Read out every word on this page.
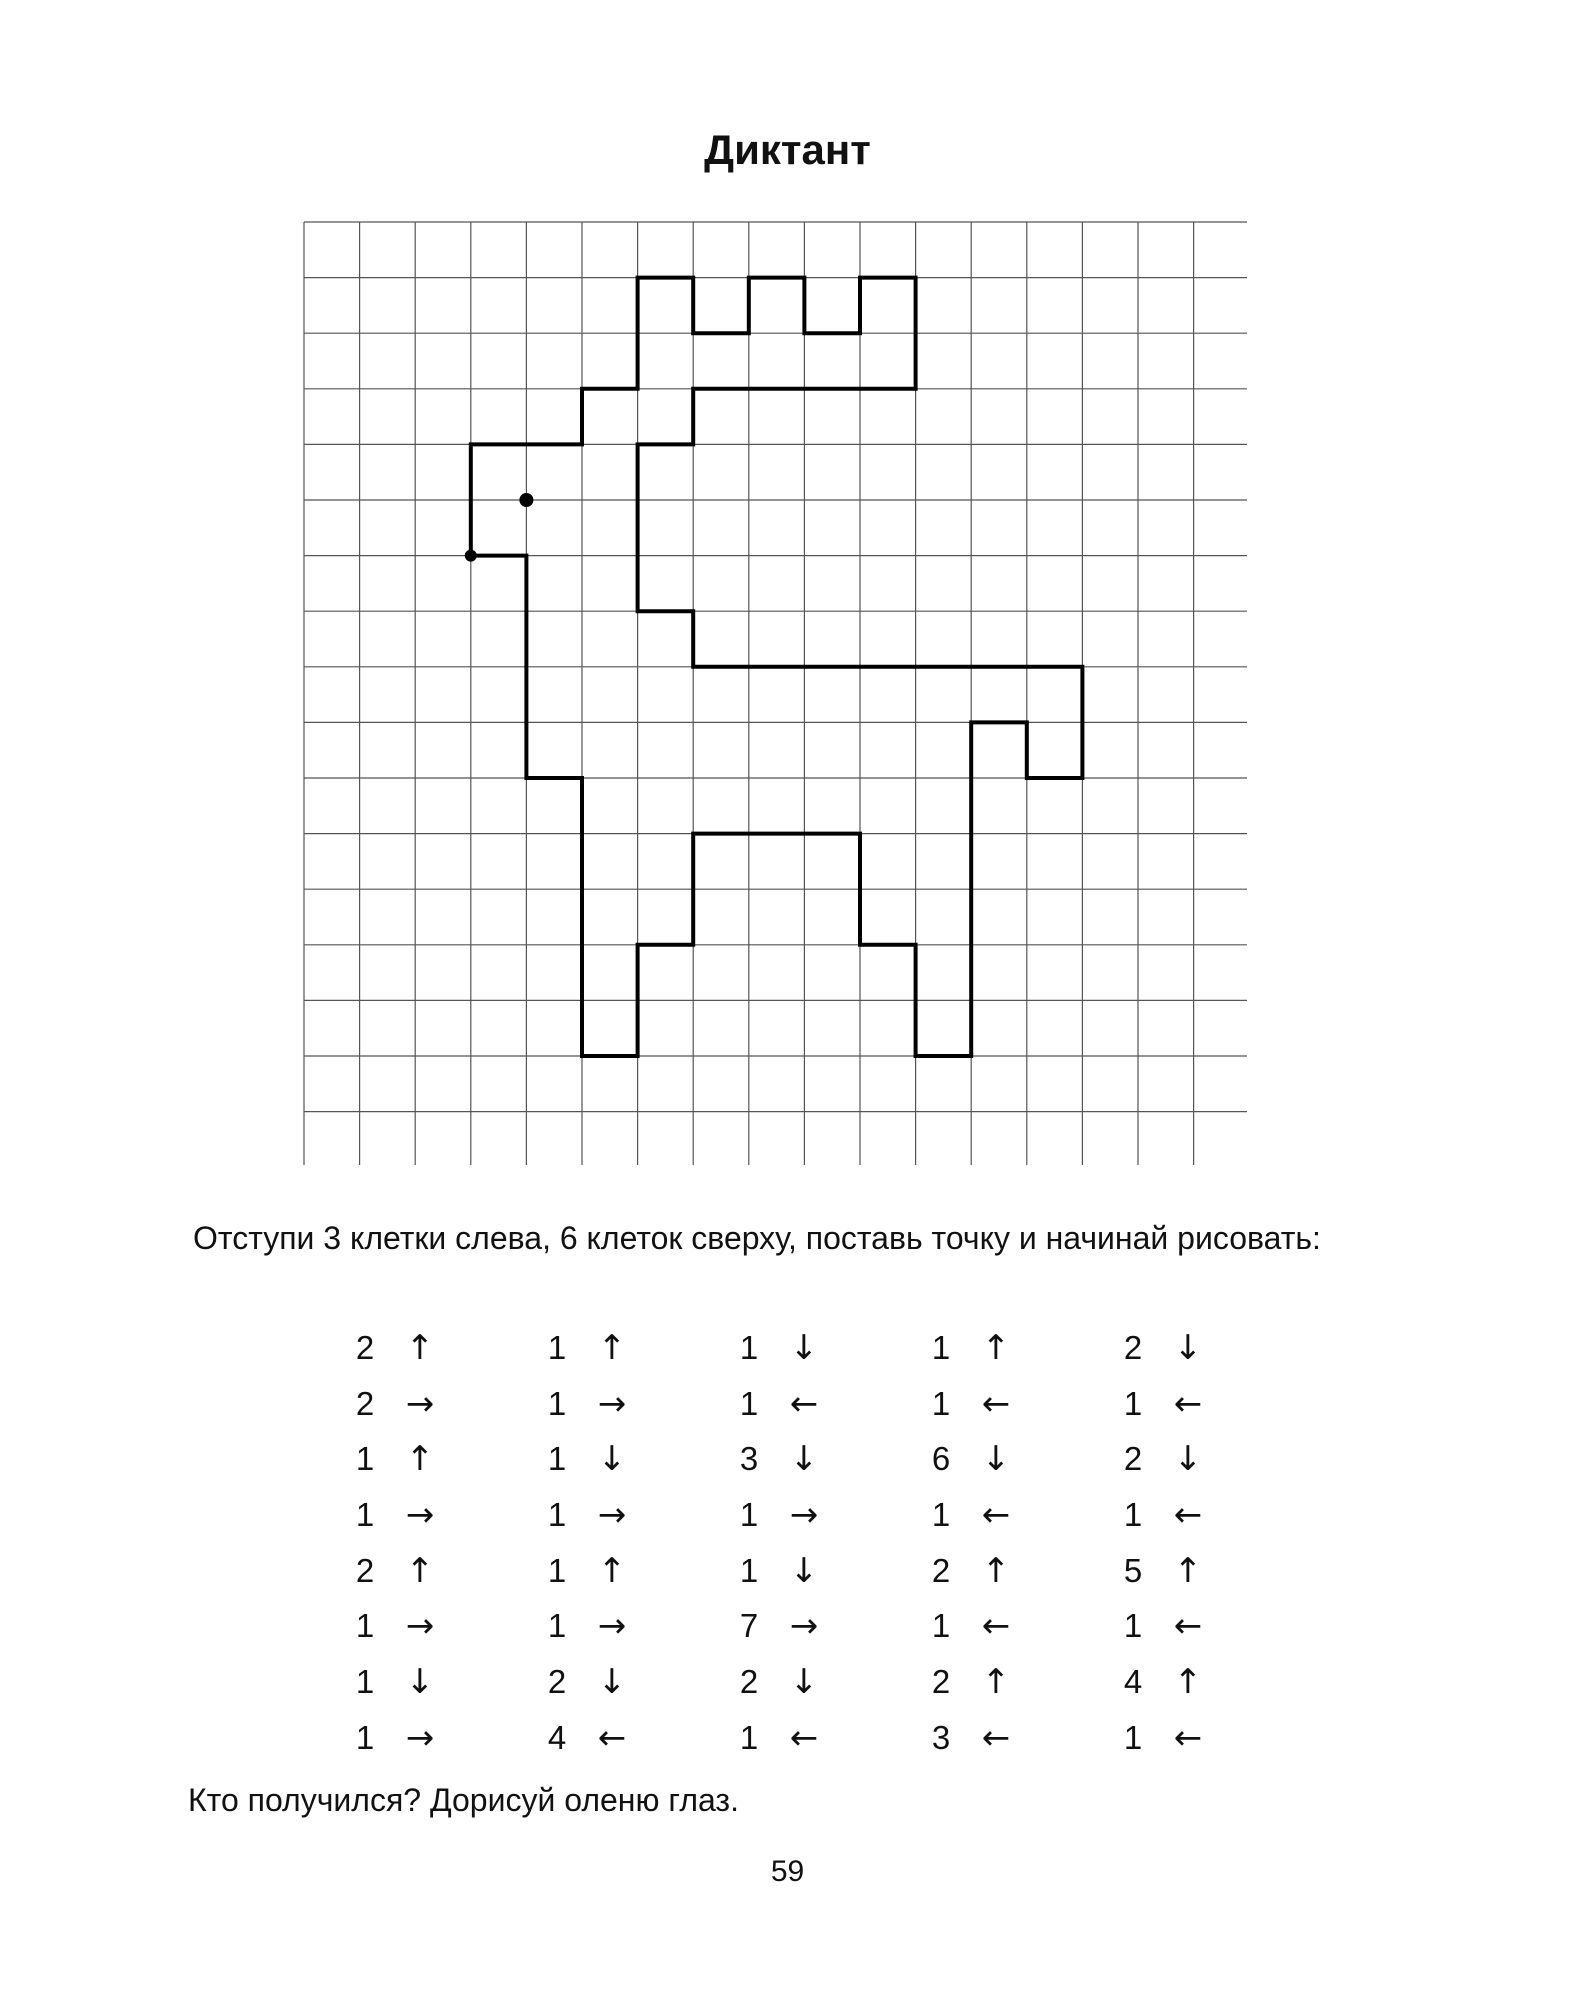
Диктант

Отступи 3 клетки слева, 6 клеток сверху, поставь точку и начинай рисовать:

2 ↑
2 →
1 ↑
1 →
2 ↑
1 →
1 ↓
1 →
1 ↑
1 →
1 ↓
1 →
1 ↑
1 →
2 ↓
4 ←
1 ↓
1 ←
3 ↓
1 →
1 ↓
7 →
2 ↓
1 ←
1 ↑
1 ←
6 ↓
1 ←
2 ↑
1 ←
2 ↑
3 ←
2 ↓
1 ←
2 ↓
1 ←
5 ↑
1 ←
4 ↑
1 ←

Кто получился? Дорисуй оленю глаз.

59
